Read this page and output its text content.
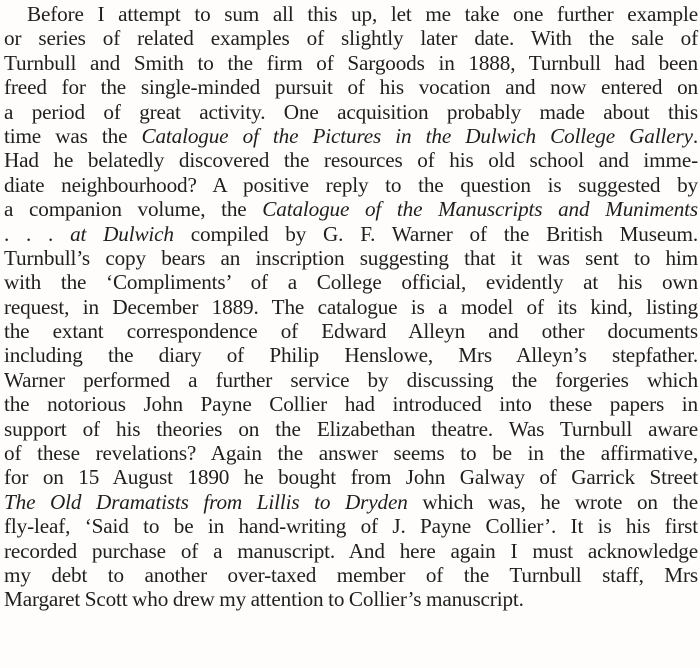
Before I attempt to sum all this up, let me take one further example
or series of related examples of slightly later date. With the sale of
Turnbull and Smith to the firm of Sargoods in 1888, Turnbull had been
freed for the single-minded pursuit of his vocation and now entered on
a period of great activity. One acquisition probably made about this
time was the Catalogue of the Pictures in the Dulwich College Gallery.
Had he belatedly discovered the resources of his old school and imme-
diate neighbourhood? A positive reply to the question is suggested by
a companion volume, the Catalogue of the Manuscripts and Muniments
. . . at Dulwich compiled by G. F. Warner of the British Museum.
Turnbull’s copy bears an inscription suggesting that it was sent to him
with the ‘Compliments’ of a College official, evidently at his own
request, in December 1889. The catalogue is a model of its kind, listing
the extant correspondence of Edward Alleyn and other documents
including the diary of Philip Henslowe, Mrs Alleyn’s stepfather.
Warner performed a further service by discussing the forgeries which
the notorious John Payne Collier had introduced into these papers in
support of his theories on the Elizabethan theatre. Was Turnbull aware
of these revelations? Again the answer seems to be in the affirmative,
for on 15 August 1890 he bought from John Galway of Garrick Street
The Old Dramatists from Lillis to Dryden which was, he wrote on the
fly-leaf, ‘Said to be in hand-writing of J. Payne Collier’. It is his first
recorded purchase of a manuscript. And here again I must acknowledge
my debt to another over-taxed member of the Turnbull staff, Mrs
Margaret Scott who drew my attention to Collier’s manuscript.
